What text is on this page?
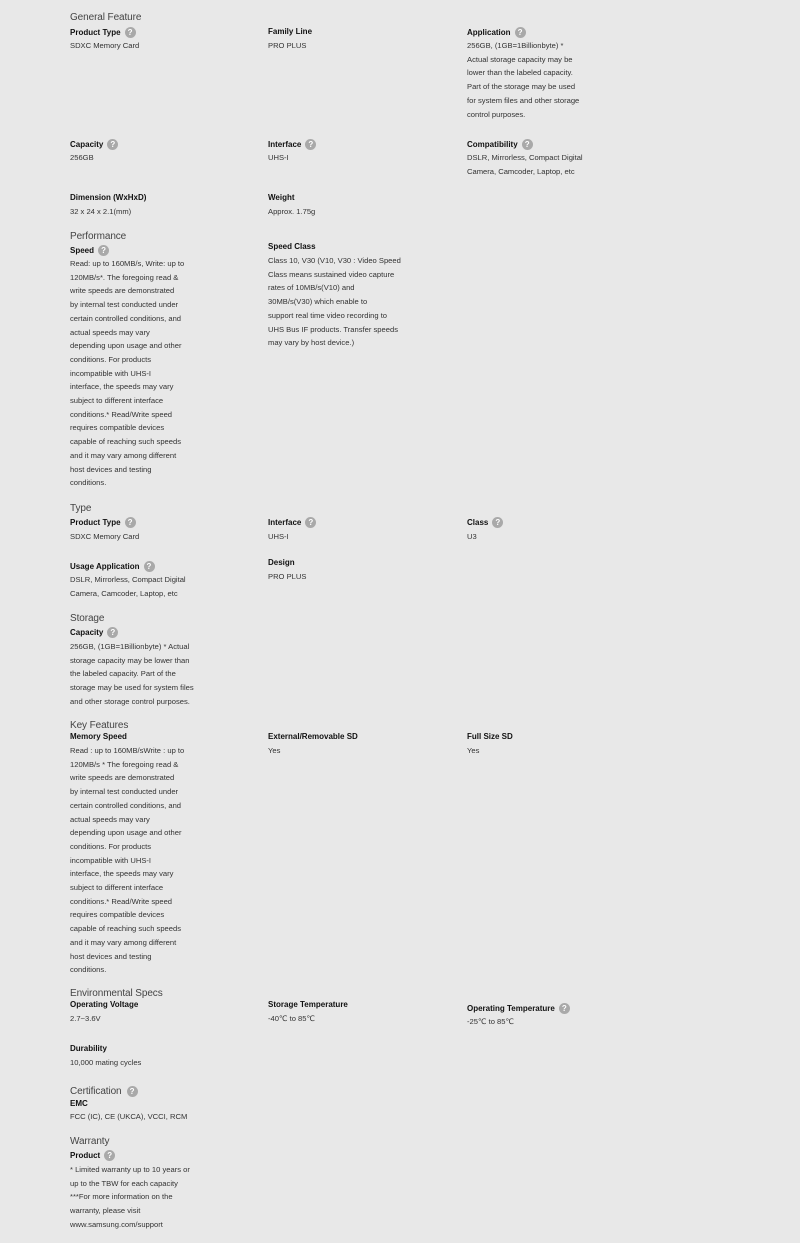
General Feature
Product Type ?
SDXC Memory Card
Family Line
PRO PLUS
Application ?
256GB, (1GB=1Billionbyte) *
Actual storage capacity may be
lower than the labeled capacity.
Part of the storage may be used
for system files and other storage
control purposes.
Capacity ?
256GB
Interface ?
UHS-I
Compatibility ?
DSLR, Mirrorless, Compact Digital
Camera, Camcoder, Laptop, etc
Dimension (WxHxD)
32 x 24 x 2.1(mm)
Weight
Approx. 1.75g
Performance
Speed ?
Read: up to 160MB/s, Write: up to
120MB/s*. The foregoing read &
write speeds are demonstrated
by internal test conducted under
certain controlled conditions, and
actual speeds may vary
depending upon usage and other
conditions. For products
incompatible with UHS-I
interface, the speeds may vary
subject to different interface
conditions.* Read/Write speed
requires compatible devices
capable of reaching such speeds
and it may vary among different
host devices and testing
conditions.
Speed Class
Class 10, V30 (V10, V30 : Video Speed
Class means sustained video capture
rates of 10MB/s(V10) and
30MB/s(V30) which enable to
support real time video recording to
UHS Bus IF products. Transfer speeds
may vary by host device.)
Type
Product Type ?
SDXC Memory Card
Interface ?
UHS-I
Class ?
U3
Usage Application ?
DSLR, Mirrorless, Compact Digital
Camera, Camcoder, Laptop, etc
Design
PRO PLUS
Storage
Capacity ?
256GB, (1GB=1Billionbyte) * Actual
storage capacity may be lower than
the labeled capacity. Part of the
storage may be used for system files
and other storage control purposes.
Key Features
Memory Speed
Read : up to 160MB/sWrite : up to
120MB/s * The foregoing read &
write speeds are demonstrated
by internal test conducted under
certain controlled conditions, and
actual speeds may vary
depending upon usage and other
conditions. For products
incompatible with UHS-I
interface, the speeds may vary
subject to different interface
conditions.* Read/Write speed
requires compatible devices
capable of reaching such speeds
and it may vary among different
host devices and testing
conditions.
External/Removable SD
Yes
Full Size SD
Yes
Environmental Specs
Operating Voltage
2.7~3.6V
Storage Temperature
-40℃ to 85℃
Operating Temperature ?
-25℃ to 85℃
Durability
10,000 mating cycles
Certification	?
EMC
FCC (IC), CE (UKCA), VCCI, RCM
Warranty
Product ?
* Limited warranty up to 10 years or
up to the TBW for each capacity
***For more information on the
warranty, please visit
www.samsung.com/support
